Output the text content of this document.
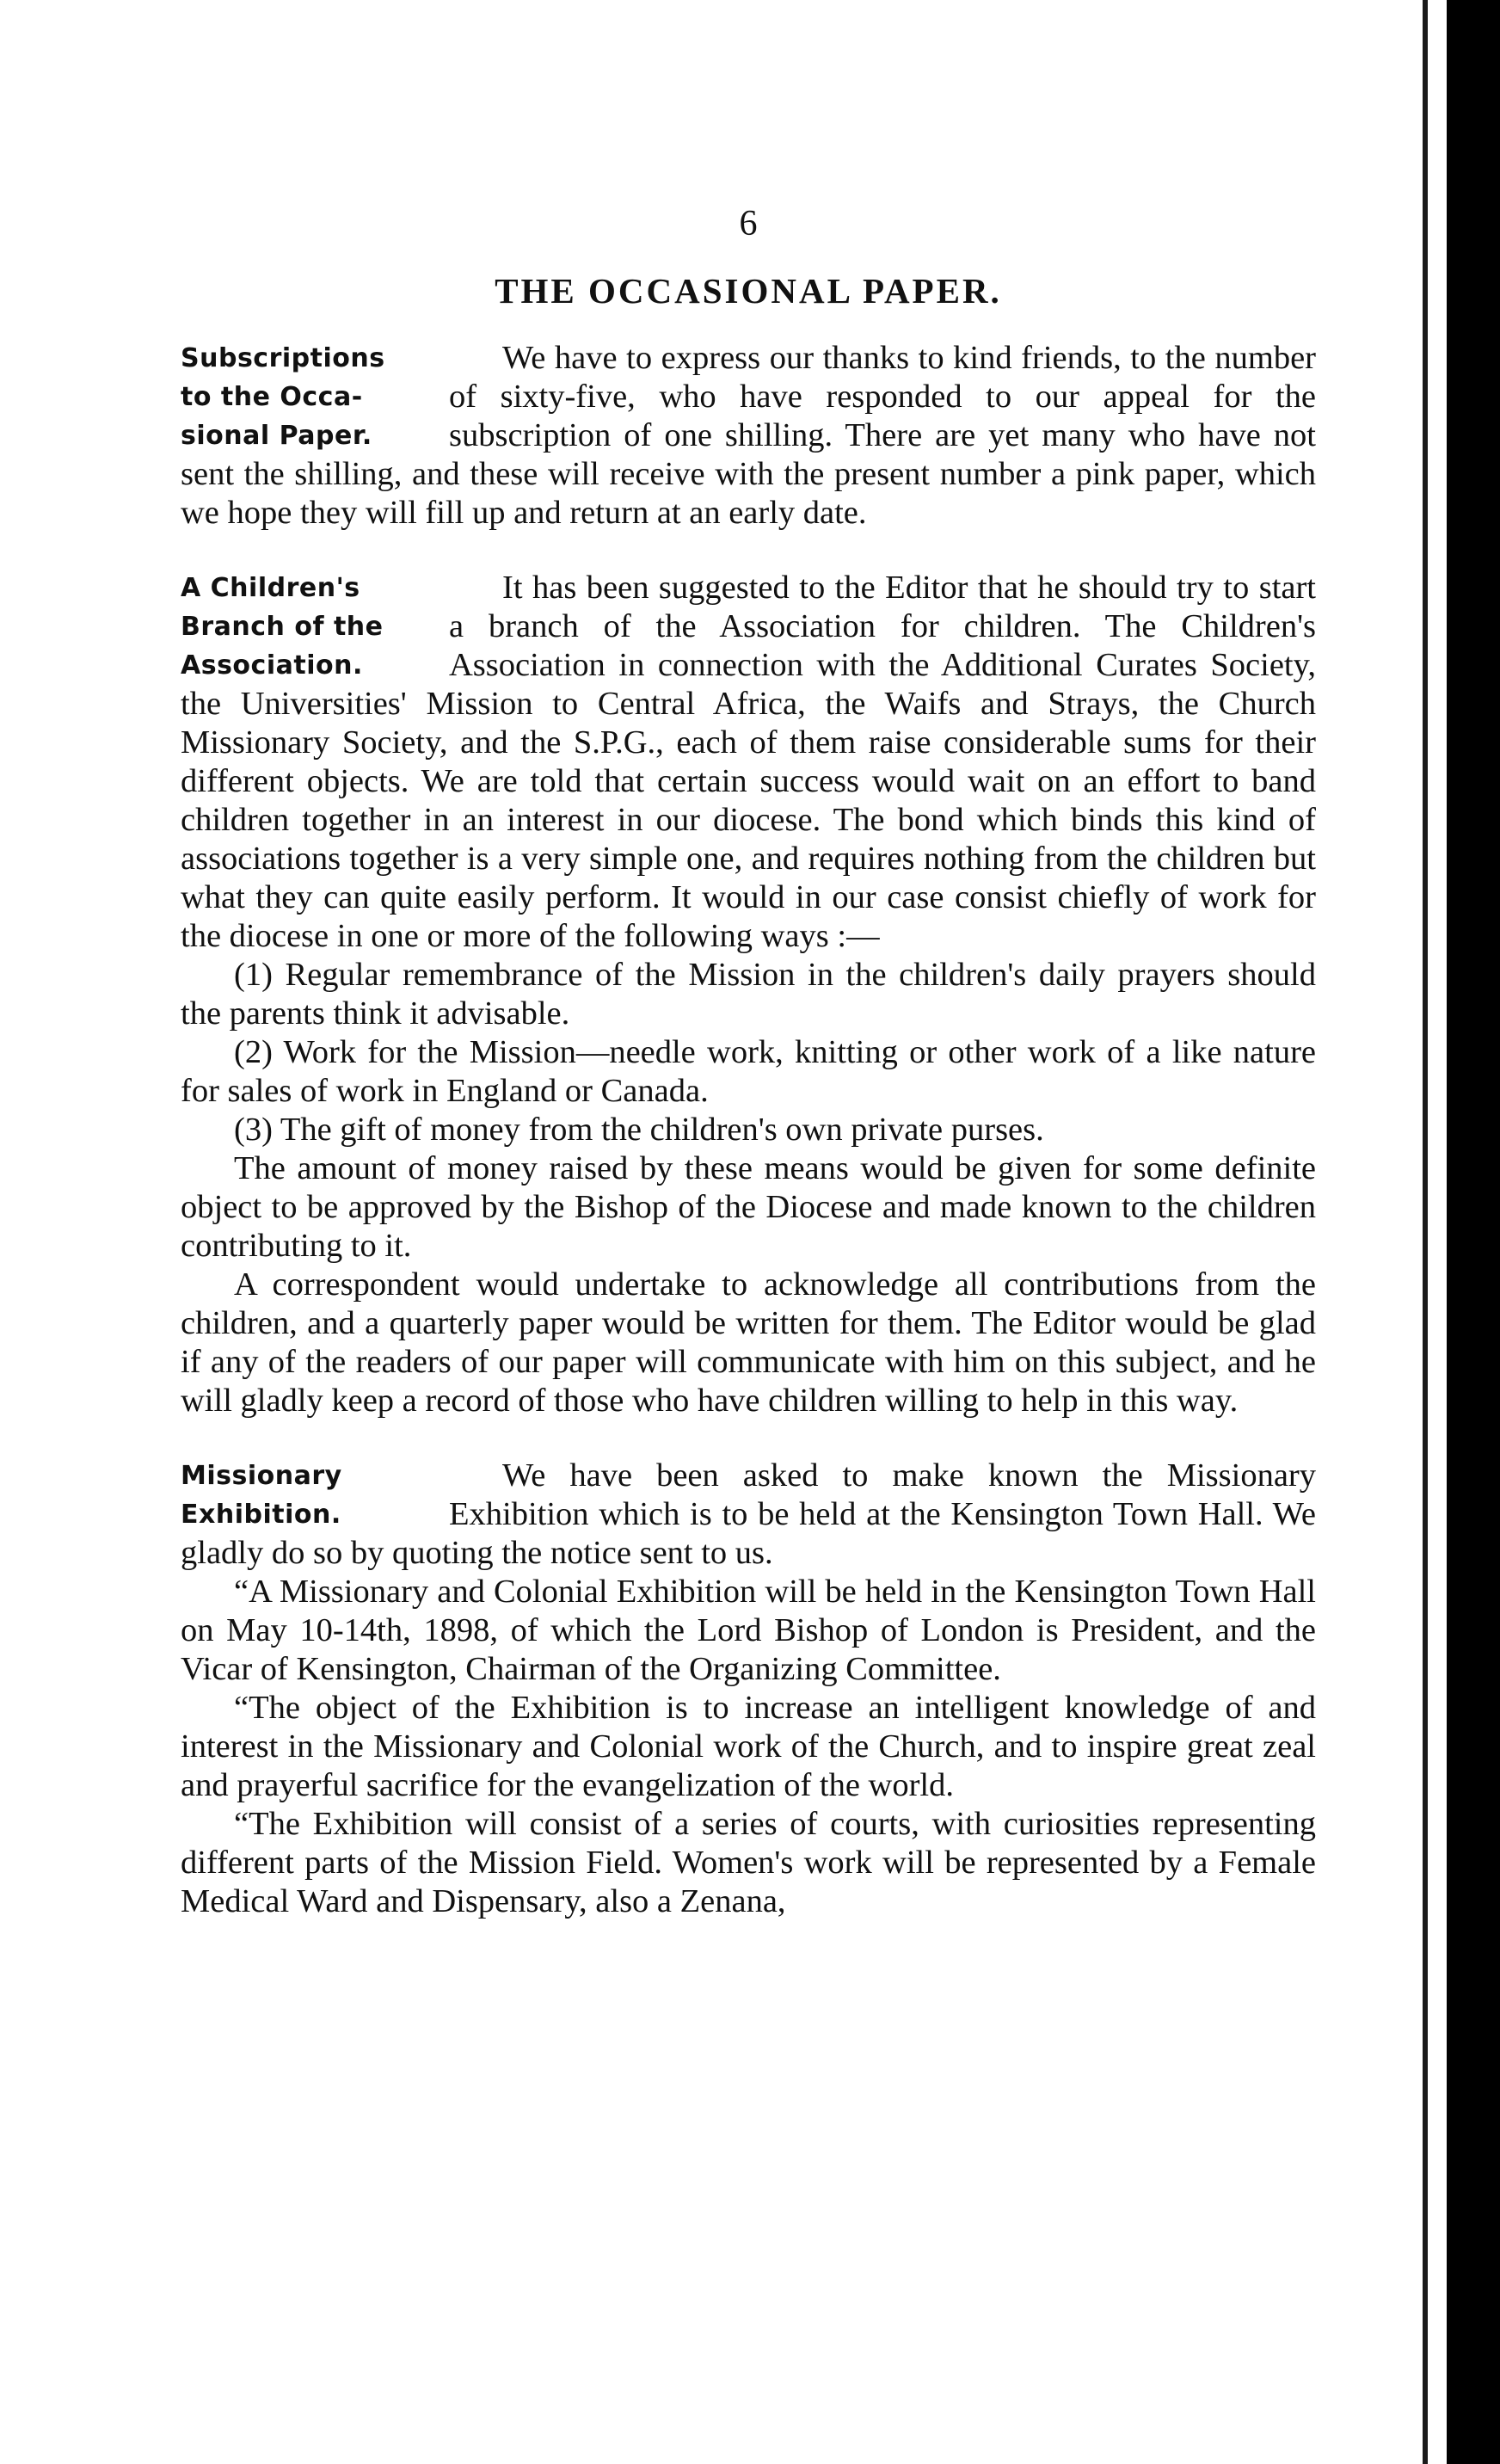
6
THE OCCASIONAL PAPER.
Subscriptions
to the Occa-
sional Paper.

We have to express our thanks to kind friends, to the number of sixty-five, who have responded to our appeal for the subscription of one shilling. There are yet many who have not sent the shilling, and these will receive with the present number a pink paper, which we hope they will fill up and return at an early date.

A Children's
Branch of the
Association.

It has been suggested to the Editor that he should try to start a branch of the Association for children. The Children's Association in connection with the Additional Curates Society, the Universities' Mission to Central Africa, the Waifs and Strays, the Church Missionary Society, and the S.P.G., each of them raise considerable sums for their different objects. We are told that certain success would wait on an effort to band children together in an interest in our diocese. The bond which binds this kind of associations together is a very simple one, and requires nothing from the children but what they can quite easily perform. It would in our case consist chiefly of work for the diocese in one or more of the following ways :—

(1) Regular remembrance of the Mission in the children's daily prayers should the parents think it advisable.

(2) Work for the Mission—needle work, knitting or other work of a like nature for sales of work in England or Canada.

(3) The gift of money from the children's own private purses.

The amount of money raised by these means would be given for some definite object to be approved by the Bishop of the Diocese and made known to the children contributing to it.

A correspondent would undertake to acknowledge all contributions from the children, and a quarterly paper would be written for them. The Editor would be glad if any of the readers of our paper will communicate with him on this subject, and he will gladly keep a record of those who have children willing to help in this way.

Missionary
Exhibition.

We have been asked to make known the Missionary Exhibition which is to be held at the Kensington Town Hall. We gladly do so by quoting the notice sent to us.

“A Missionary and Colonial Exhibition will be held in the Kensington Town Hall on May 10-14th, 1898, of which the Lord Bishop of London is President, and the Vicar of Kensington, Chairman of the Organizing Committee.

“The object of the Exhibition is to increase an intelligent knowledge of and interest in the Missionary and Colonial work of the Church, and to inspire great zeal and prayerful sacrifice for the evangelization of the world.

“The Exhibition will consist of a series of courts, with curiosities representing different parts of the Mission Field. Women's work will be represented by a Female Medical Ward and Dispensary, also a Zenana,
